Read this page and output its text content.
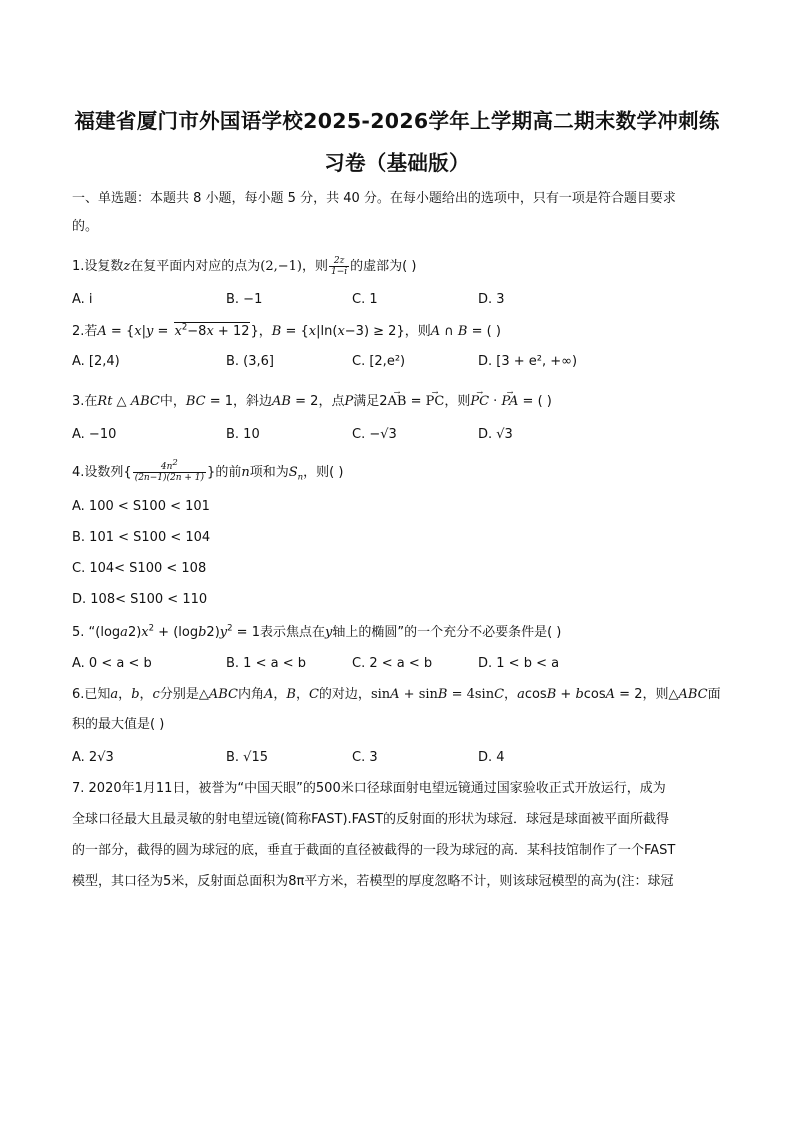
福建省厦门市外国语学校2025-2026学年上学期高二期末数学冲刺练
习卷（基础版）
一、单选题：本题共 8 小题，每小题 5 分，共 40 分。在每小题给出的选项中，只有一项是符合题目要求
的。
1.设复数z在复平面内对应的点为(2,−1)，则 $\frac{2z}{1-i}$ 的虚部为( )
A. i	B. −1	C. 1	D. 3
2.若$A = \{x|y = x^2-8x + 12\}$，B = {x|ln(x−3) ≥ 2}，则A ∩ B = ( )
A. [2,4)	B. (3,6]	C. [2,e²)	D. [3 + e², +∞)
3.在Rt △ ABC中，BC = 1，斜边AB = 2，点P满足2→ AB = → PC，则→ PC · → PA = ( )
A. −10	B. 10	C. −√3	D. √3
4.设数列{ $\frac{4n^2}{(2n-1)(2n + 1)}$ }的前n项和为$S_n$，则( )
A. 100 < S100 < 101
B. 101 < S100 < 104
C. 104< S100 < 108
D. 108< S100 < 110
5. “$(\log a2)x^2 + (\log b2)y^2 = 1$表示焦点在y轴上的椭圆”的一个充分不必要条件是( )
A. 0 < a < b	B. 1 < a < b	C. 2 < a < b	D. 1 < b < a
6.已知a，b，c分别是△ABC内角A，B，C的对边，sinA + sinB = 4sinC，acosB + bcosA = 2，则△ABC面
积的最大值是( )
A. 2√3	B. √15	C. 3	D. 4
7. 2020年1月11日，被誉为“中国天眼”的500米口径球面射电望远镜通过国家验收正式开放运行，成为
全球口径最大且最灵敏的射电望远镜(简称FAST).FAST的反射面的形状为球冠．球冠是球面被平面所截得
的一部分，截得的圆为球冠的底，垂直于截面的直径被截得的一段为球冠的高．某科技馆制作了一个FAST
模型，其口径为5米，反射面总面积为8π平方米，若模型的厚度忽略不计，则该球冠模型的高为(注：球冠
